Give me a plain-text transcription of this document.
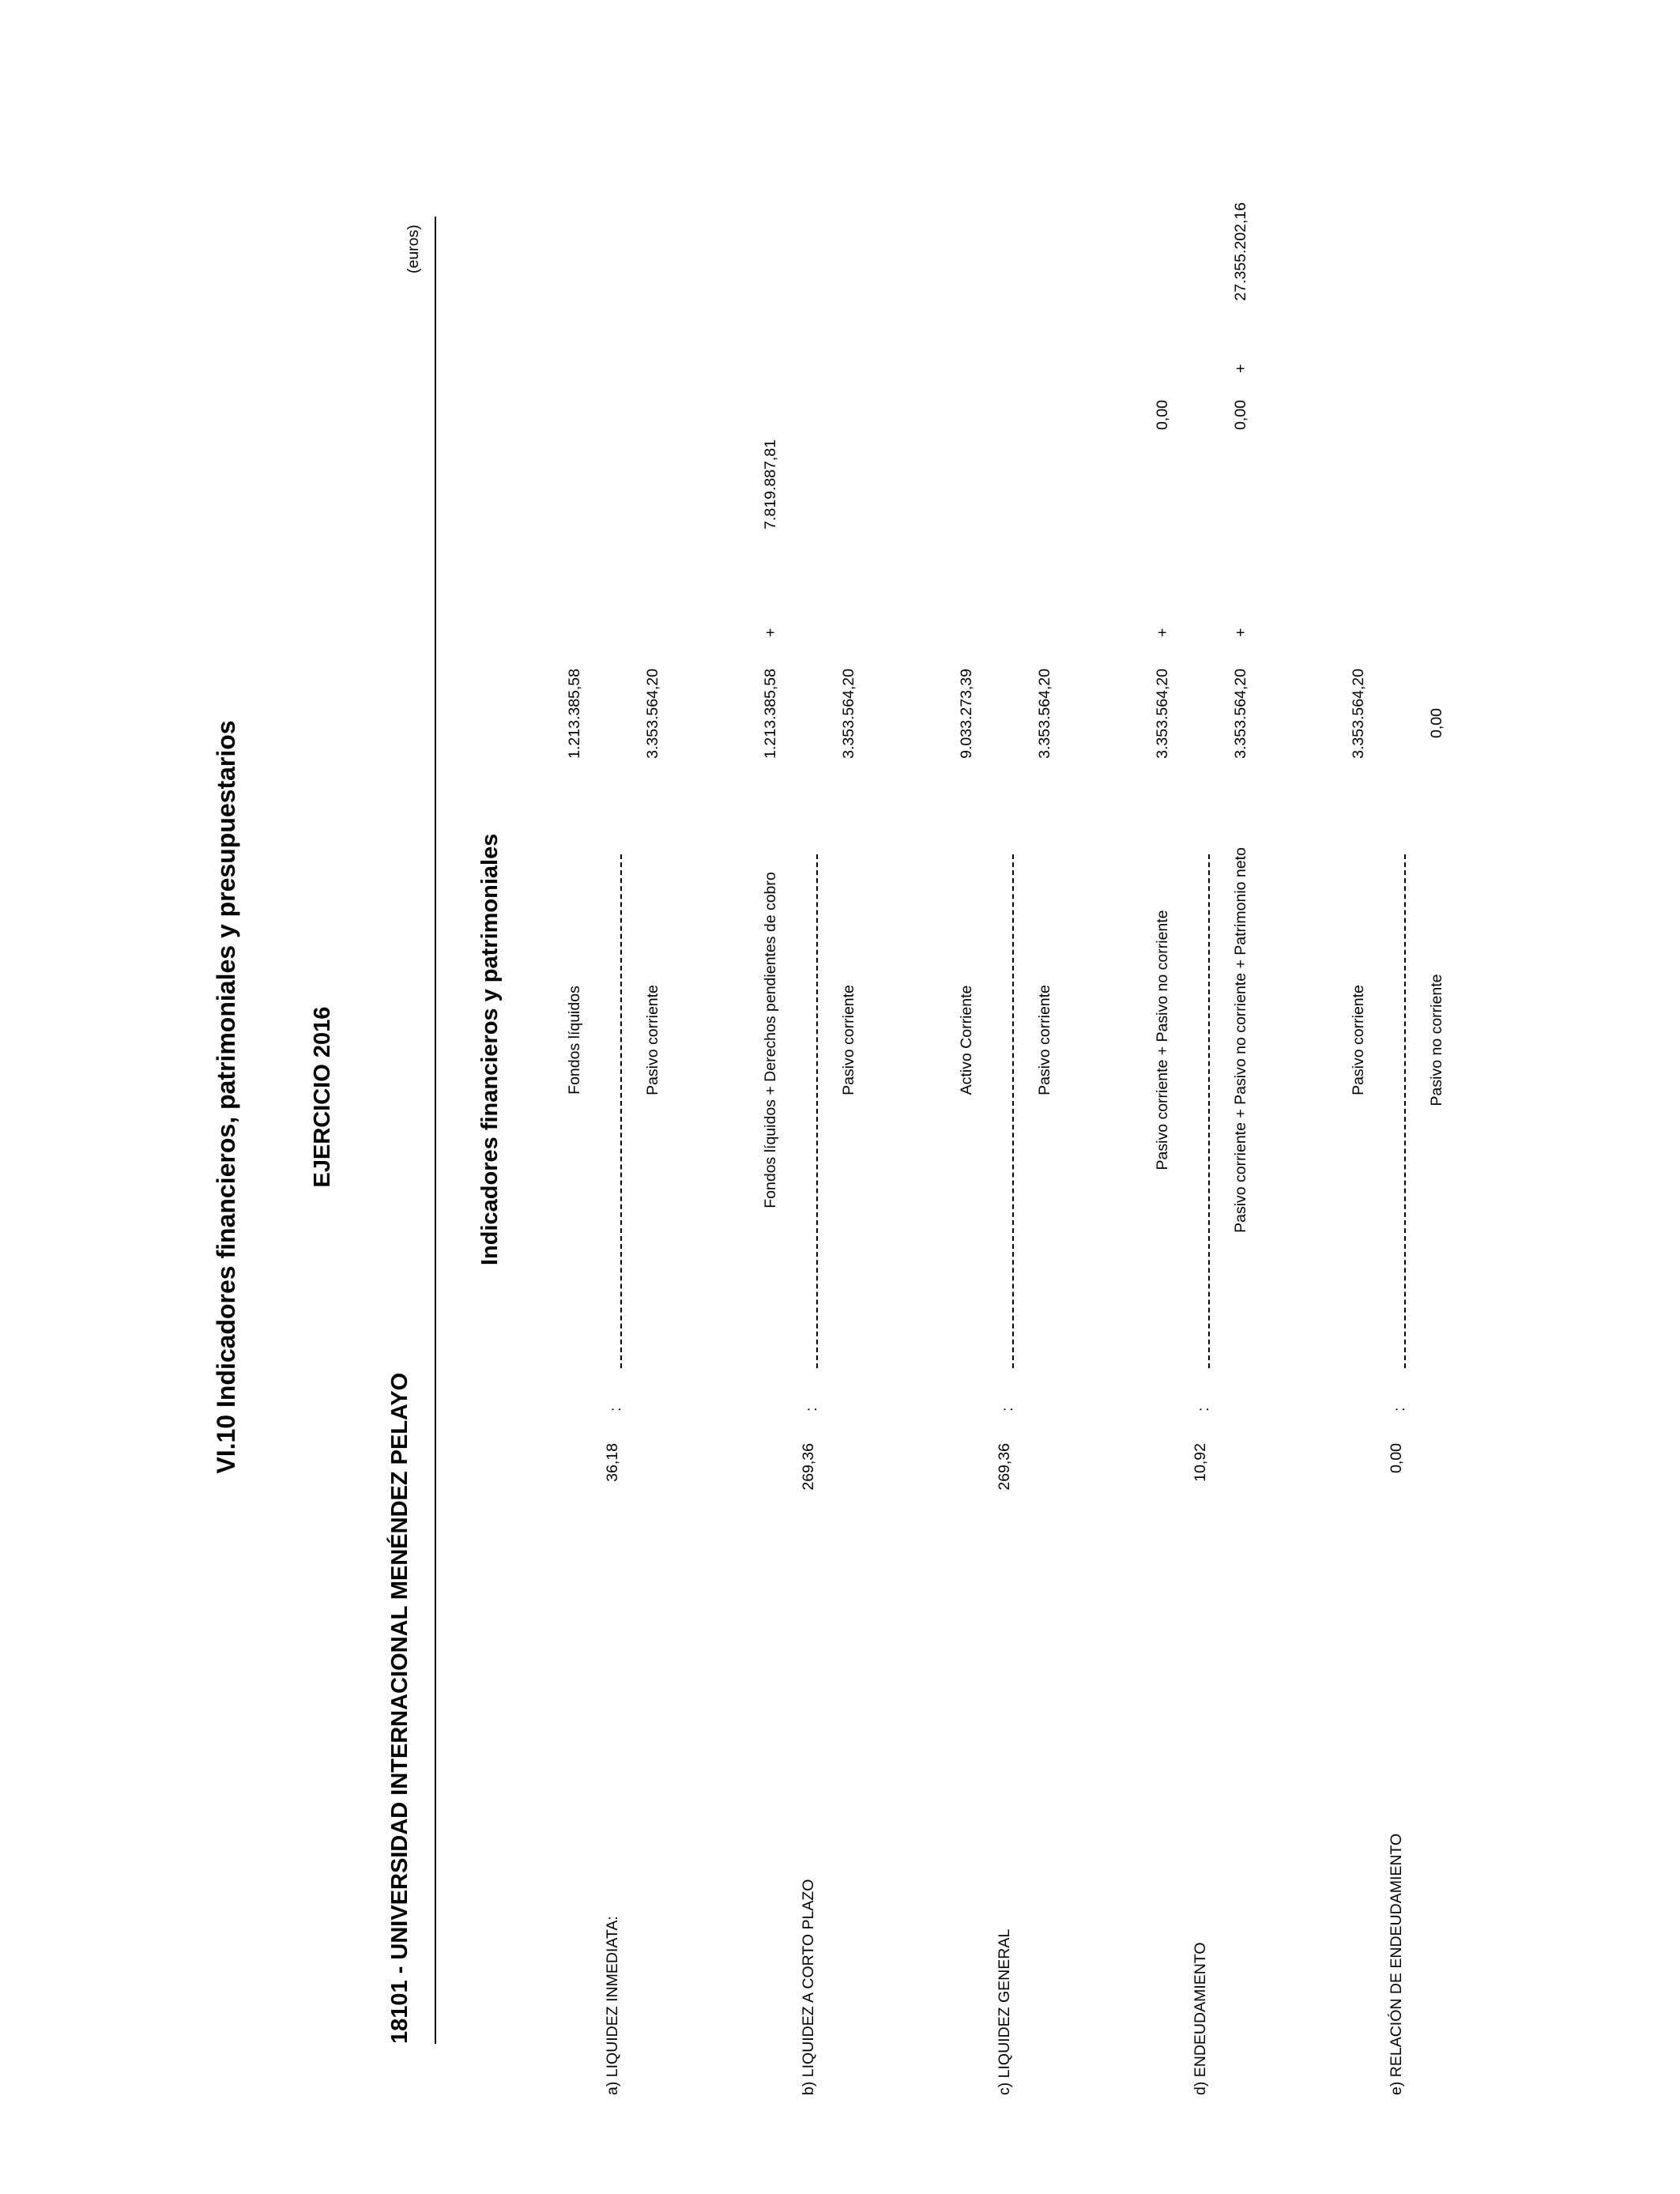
VI.10 Indicadores financieros, patrimoniales y presupuestarios	EJERCICIO 2016
18101 - UNIVERSIDAD INTERNACIONAL MENÉNDEZ PELAYO
(euros)
Indicadores financieros y patrimoniales
a) LIQUIDEZ INMEDIATA:
36,18
:
Fondos líquidos
1.213.385,58
Pasivo corriente
3.353.564,20
b) LIQUIDEZ A CORTO PLAZO
269,36
:
Fondos líquidos + Derechos pendientes de cobro
1.213.385,58
+
7.819.887,81
Pasivo corriente
3.353.564,20
c) LIQUIDEZ GENERAL
269,36
:
Activo Corriente
9.033.273,39
Pasivo corriente
3.353.564,20
d) ENDEUDAMIENTO
10,92
:
Pasivo corriente + Pasivo no corriente
3.353.564,20
+
0,00
Pasivo corriente + Pasivo no corriente + Patrimonio neto
3.353.564,20
+
0,00
+
27.355.202,16
e) RELACIÓN DE ENDEUDAMIENTO
0,00
:
Pasivo corriente
3.353.564,20
Pasivo no corriente
0,00
